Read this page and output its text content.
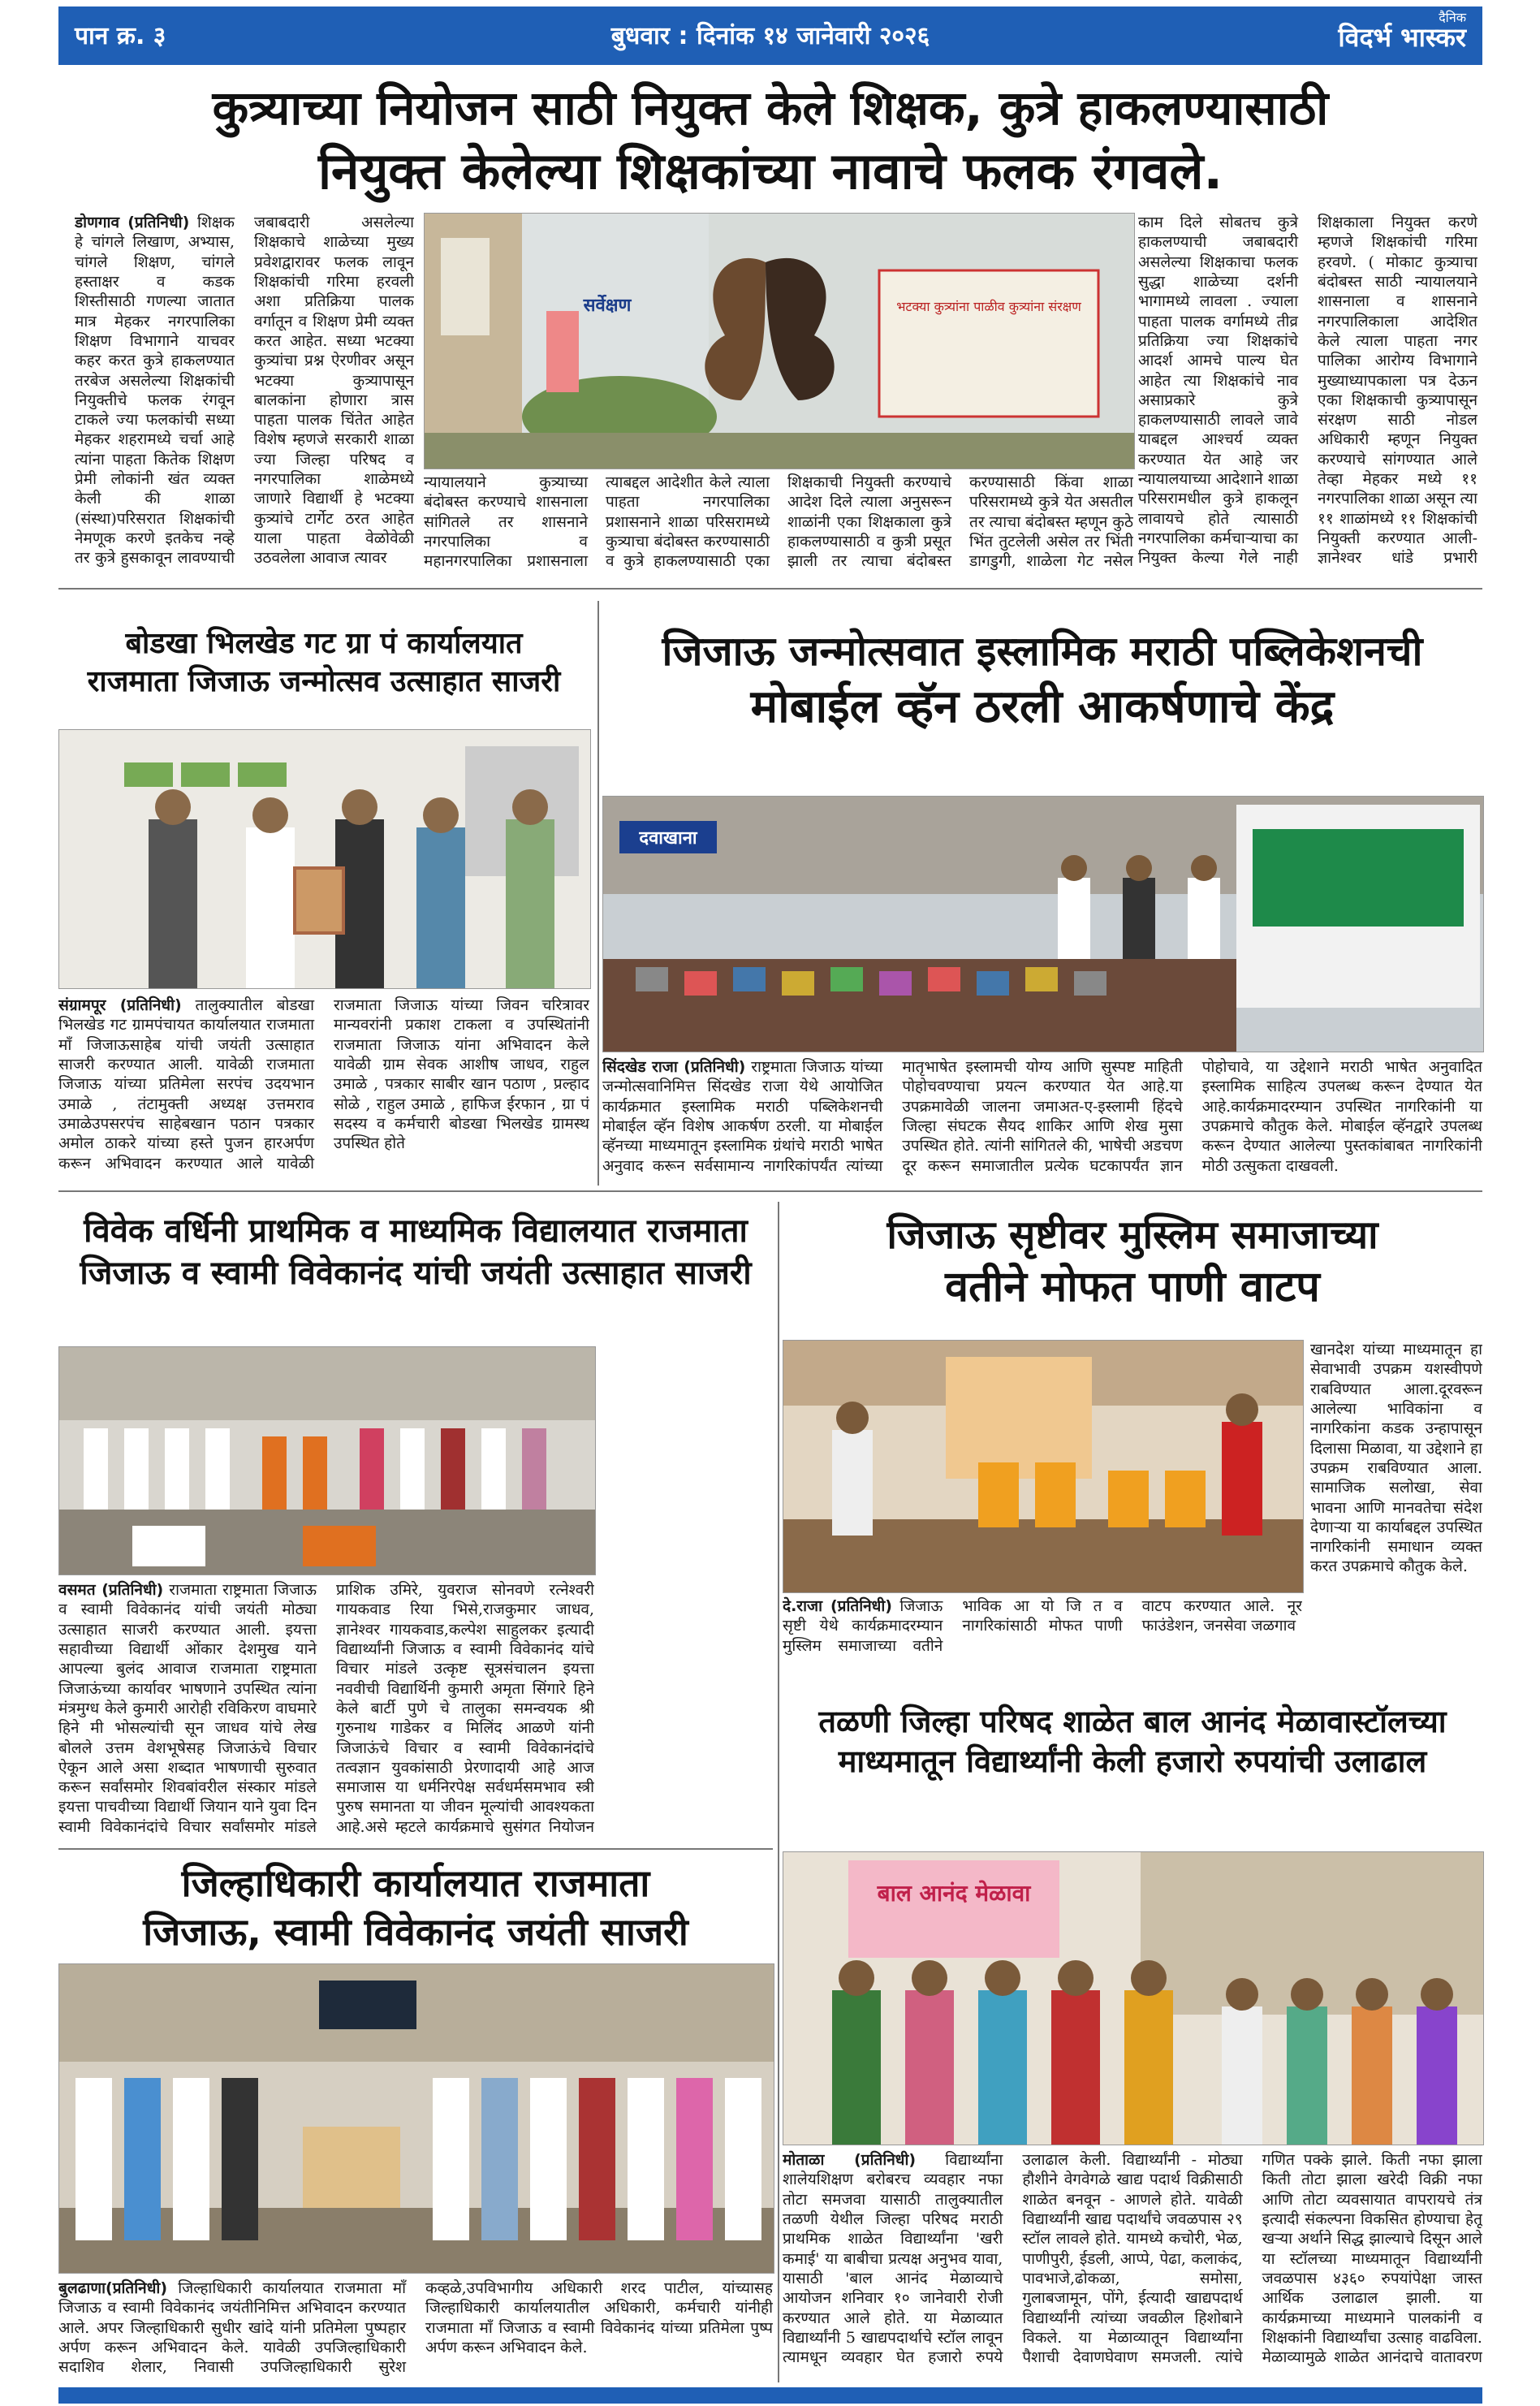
पान क्र. ३	बुधवार : दिनांक १४ जानेवारी २०२६
दैनिक
विदर्भ भास्कर
कुत्र्याच्या नियोजन साठी नियुक्त केले शिक्षक, कुत्रे हाकलण्यासाठी
नियुक्त केलेल्या शिक्षकांच्या नावाचे फलक रंगवले.
डोणगाव (प्रतिनिधी) शिक्षक हे चांगले लिखाण, अभ्यास, चांगले शिक्षण, चांगले हस्ताक्षर व कडक शिस्तीसाठी गणल्या जातात मात्र मेहकर नगरपालिका शिक्षण विभागाने याचवर कहर करत कुत्रे हाकलण्यात तरबेज असलेल्या शिक्षकांची नियुक्तीचे फलक रंगवून टाकले ज्या फलकांची सध्या मेहकर शहरामध्ये चर्चा आहे त्यांना पाहता कितेक शिक्षण प्रेमी लोकांनी खंत व्यक्त केली की शाळा (संस्था)परिसरात शिक्षकांची नेमणूक करणे इतकेच नव्हे तर कुत्रे हुसकावून लावण्याची जबाबदारी असलेल्या शिक्षकाचे शाळेच्या मुख्य प्रवेशद्वारावर फलक लावून शिक्षकांची गरिमा हरवली अशा प्रतिक्रिया पालक वर्गातून व शिक्षण प्रेमी व्यक्त करत आहेत. सध्या भटक्या कुत्र्यांचा प्रश्न ऐरणीवर असून भटक्या कुत्र्यापासून बालकांना होणारा त्रास पाहता पालक चिंतेत आहेत विशेष म्हणजे सरकारी शाळा ज्या जिल्हा परिषद व नगरपालिका शाळेमध्ये जाणारे विद्यार्थी हे भटक्या कुत्र्यांचे टार्गेट ठरत आहेत याला पाहता वेळोवेळी उठवलेला आवाज त्यावर
भटक्या कुत्र्यांना पाळीव कुत्र्यांना संरक्षण
सर्वेक्षण
न्यायालयाने कुत्र्याच्या बंदोबस्त करण्याचे शासनाला सांगितले तर शासनाने नगरपालिका व महानगरपालिका प्रशासनाला त्याबद्दल आदेशीत केले त्याला पाहता नगरपालिका प्रशासनाने शाळा परिसरामध्ये कुत्र्याचा बंदोबस्त करण्यासाठी व कुत्रे हाकलण्यासाठी एका शिक्षकाची नियुक्ती करण्याचे आदेश दिले त्याला अनुसरून शाळांनी एका शिक्षकाला कुत्रे हाकलण्यासाठी व कुत्री प्रसूत झाली तर त्याचा बंदोबस्त करण्यासाठी किंवा शाळा परिसरामध्ये कुत्रे येत असतील तर त्याचा बंदोबस्त म्हणून कुठे भिंत तुटलेली असेल तर भिंती डागडुगी, शाळेला गेट नसेल
काम दिले सोबतच कुत्रे हाकलण्याची जबाबदारी असलेल्या शिक्षकाचा फलक सुद्धा शाळेच्या दर्शनी भागामध्ये लावला . ज्याला पाहता पालक वर्गामध्ये तीव्र प्रतिक्रिया ज्या शिक्षकांचे आदर्श आमचे पाल्य घेत आहेत त्या शिक्षकांचे नाव असाप्रकारे कुत्रे हाकलण्यासाठी लावले जावे याबद्दल आश्चर्य व्यक्त करण्यात येत आहे जर न्यायालयाच्या आदेशाने शाळा परिसरामधील कुत्रे हाकलून लावायचे होते त्यासाठी नगरपालिका कर्मचाऱ्याचा का नियुक्त केल्या गेले नाही शिक्षकाला नियुक्त करणे म्हणजे शिक्षकांची गरिमा हरवणे. ( मोकाट कुत्र्याचा बंदोबस्त साठी न्यायालयाने शासनाला व शासनाने नगरपालिकाला आदेशित केले त्याला पाहता नगर पालिका आरोग्य विभागाने मुख्याध्यापकाला पत्र देऊन एका शिक्षकाची कुत्र्यापासून संरक्षण साठी नोडल अधिकारी म्हणून नियुक्त करण्याचे सांगण्यात आले तेव्हा मेहकर मध्ये ११ नगरपालिका शाळा असून त्या ११ शाळांमध्ये ११ शिक्षकांची नियुक्ती करण्यात आली- ज्ञानेश्वर धांडे प्रभारी
बोडखा भिलखेड गट ग्रा पं कार्यालयात
राजमाता जिजाऊ जन्मोत्सव उत्साहात साजरी
संग्रामपूर (प्रतिनिधी) तालुक्यातील बोडखा भिलखेड गट ग्रामपंचायत कार्यालयात राजमाता माँ जिजाऊसाहेब यांची जयंती उत्साहात साजरी करण्यात आली. यावेळी राजमाता जिजाऊ यांच्या प्रतिमेला सरपंच उदयभान उमाळे , तंटामुक्ती अध्यक्ष उत्तमराव उमाळेउपसरपंच साहेबखान पठान पत्रकार अमोल ठाकरे यांच्या हस्ते पुजन हारअर्पण करून अभिवादन करण्यात आले यावेळी राजमाता जिजाऊ यांच्या जिवन चरित्रावर मान्यवरांनी प्रकाश टाकला व उपस्थितांनी राजमाता जिजाऊ यांना अभिवादन केले यावेळी ग्राम सेवक आशीष जाधव, राहुल उमाळे , पत्रकार साबीर खान पठाण , प्रल्हाद सोळे , राहुल उमाळे , हाफिज ईरफान , ग्रा पं सदस्य व कर्मचारी बोडखा भिलखेड ग्रामस्थ उपस्थित होते
जिजाऊ जन्मोत्सवात इस्लामिक मराठी पब्लिकेशनची
मोबाईल व्हॅन ठरली आकर्षणाचे केंद्र
दवाखाना
सिंदखेड राजा (प्रतिनिधी) राष्ट्रमाता जिजाऊ यांच्या जन्मोत्सवानिमित्त सिंदखेड राजा येथे आयोजित कार्यक्रमात इस्लामिक मराठी पब्लिकेशनची मोबाईल व्हॅन विशेष आकर्षण ठरली. या मोबाईल व्हॅनच्या माध्यमातून इस्लामिक ग्रंथांचे मराठी भाषेत अनुवाद करून सर्वसामान्य नागरिकांपर्यंत त्यांच्या मातृभाषेत इस्लामची योग्य आणि सुस्पष्ट माहिती पोहोचवण्याचा प्रयत्न करण्यात येत आहे.या उपक्रमावेळी जालना जमाअत-ए-इस्लामी हिंदचे जिल्हा संघटक सैयद शाकिर आणि शेख मुसा उपस्थित होते. त्यांनी सांगितले की, भाषेची अडचण दूर करून समाजातील प्रत्येक घटकापर्यंत ज्ञान पोहोचावे, या उद्देशाने मराठी भाषेत अनुवादित इस्लामिक साहित्य उपलब्ध करून देण्यात येत आहे.कार्यक्रमादरम्यान उपस्थित नागरिकांनी या उपक्रमाचे कौतुक केले. मोबाईल व्हॅनद्वारे उपलब्ध करून देण्यात आलेल्या पुस्तकांबाबत नागरिकांनी मोठी उत्सुकता दाखवली.
विवेक वर्धिनी प्राथमिक व माध्यमिक विद्यालयात राजमाता
जिजाऊ व स्वामी विवेकानंद यांची जयंती उत्साहात साजरी
वसमत (प्रतिनिधी) राजमाता राष्ट्रमाता जिजाऊ व स्वामी विवेकानंद यांची जयंती मोठ्या उत्साहात साजरी करण्यात आली. इयत्ता सहावीच्या विद्यार्थी ओंकार देशमुख याने आपल्या बुलंद आवाज राजमाता राष्ट्रमाता जिजाऊंच्या कार्यावर भाषणाने उपस्थित त्यांना मंत्रमुग्ध केले कुमारी आरोही रविकिरण वाघमारे हिने मी भोसल्यांची सून जाधव यांचे लेख बोलले उत्तम वेशभूषेसह जिजाऊंचे विचार ऐकून आले असा शब्दात भाषणाची सुरुवात करून सर्वांसमोर शिवबांवरील संस्कार मांडले इयत्ता पाचवीच्या विद्यार्थी जियान याने युवा दिन स्वामी विवेकानंदांचे विचार सर्वांसमोर मांडले प्राशिक उमिरे, युवराज सोनवणे रत्नेश्वरी गायकवाड रिया भिसे,राजकुमार जाधव, ज्ञानेश्वर गायकवाड,कल्पेश साहुलकर इत्यादी विद्यार्थ्यांनी जिजाऊ व स्वामी विवेकानंद यांचे विचार मांडले उत्कृष्ट सूत्रसंचालन इयत्ता नववीची विद्यार्थिनी कुमारी अमृता सिंगारे हिने केले बार्टी पुणे चे तालुका समन्वयक श्री गुरुनाथ गाडेकर व मिलिंद आळणे यांनी जिजाऊंचे विचार व स्वामी विवेकानंदांचे तत्वज्ञान युवकांसाठी प्रेरणादायी आहे आज समाजास या धर्मनिरपेक्ष सर्वधर्मसमभाव स्त्री पुरुष समानता या जीवन मूल्यांची आवश्यकता आहे.असे म्हटले कार्यक्रमाचे सुसंगत नियोजन
जिजाऊ सृष्टीवर मुस्लिम समाजाच्या
वतीने मोफत पाणी वाटप
खानदेश यांच्या माध्यमातून हा सेवाभावी उपक्रम यशस्वीपणे राबविण्यात आला.दूरवरून आलेल्या भाविकांना व नागरिकांना कडक उन्हापासून दिलासा मिळावा, या उद्देशाने हा उपक्रम राबविण्यात आला. सामाजिक सलोखा, सेवा भावना आणि मानवतेचा संदेश देणाऱ्या या कार्याबद्दल उपस्थित नागरिकांनी समाधान व्यक्त करत उपक्रमाचे कौतुक केले.
दे.राजा (प्रतिनिधी) जिजाऊ सृष्टी येथे कार्यक्रमादरम्यान मुस्लिम समाजाच्या वतीने भाविक आ यो जि त व नागरिकांसाठी मोफत पाणी वाटप करण्यात आले. नूर फाउंडेशन, जनसेवा जळगाव
तळणी जिल्हा परिषद शाळेत बाल आनंद मेळावास्टॉलच्या
माध्यमातून विद्यार्थ्यांनी केली हजारो रुपयांची उलाढाल
बाल आनंद मेळावा
मोताळा (प्रतिनिधी) विद्यार्थ्यांना शालेयशिक्षण बरोबरच व्यवहार नफा तोटा समजवा यासाठी तालुक्यातील तळणी येथील जिल्हा परिषद मराठी प्राथमिक शाळेत विद्यार्थ्यांना 'खरी कमाई' या बाबीचा प्रत्यक्ष अनुभव यावा, यासाठी 'बाल आनंद मेळाव्याचे आयोजन शनिवार १० जानेवारी रोजी करण्यात आले होते. या मेळाव्यात विद्यार्थ्यांनी 5 खाद्यपदार्थाचे स्टॉल लावून त्यामधून व्यवहार घेत हजारो रुपये उलाढाल केली. विद्यार्थ्यांनी - मोठ्या हौशीने वेगवेगळे खाद्य पदार्थ विक्रीसाठी शाळेत बनवून - आणले होते. यावेळी विद्यार्थ्यांनी खाद्य पदार्थांचे जवळपास २९ स्टॉल लावले होते. यामध्ये कचोरी, भेळ, पाणीपुरी, ईडली, आप्पे, पेढा, कलाकंद, पावभाजे,ढोकळा, समोसा, गुलाबजामून, पोंगे, ईत्यादी खाद्यपदार्थ विद्यार्थ्यांनी त्यांच्या जवळील हिशोबाने विकले. या मेळाव्यातून विद्यार्थ्यांना पैशाची देवाणघेवाण समजली. त्यांचे गणित पक्के झाले. किती नफा झाला किती तोटा झाला खरेदी विक्री नफा आणि तोटा व्यवसायात वापरायचे तंत्र इत्यादी संकल्पना विकसित होण्याचा हेतू खऱ्या अर्थाने सिद्ध झाल्याचे दिसून आले या स्टॉलच्या माध्यमातून विद्यार्थ्यांनी जवळपास ४३६० रुपयांपेक्षा जास्त आर्थिक उलाढाल झाली. या कार्यक्रमाच्या माध्यमाने पालकांनी व शिक्षकांनी विद्यार्थ्यांचा उत्साह वाढविला. मेळाव्यामुळे शाळेत आनंदाचे वातावरण
जिल्हाधिकारी कार्यालयात राजमाता
जिजाऊ, स्वामी विवेकानंद जयंती साजरी
बुलढाणा(प्रतिनिधी) जिल्हाधिकारी कार्यालयात राजमाता माँ जिजाऊ व स्वामी विवेकानंद जयंतीनिमित्त अभिवादन करण्यात आले. अपर जिल्हाधिकारी सुधीर खांदे यांनी प्रतिमेला पुष्पहार अर्पण करून अभिवादन केले. यावेळी उपजिल्हाधिकारी सदाशिव शेलार, निवासी उपजिल्हाधिकारी सुरेश कव्हळे,उपविभागीय अधिकारी शरद पाटील, यांच्यासह जिल्हाधिकारी कार्यालयातील अधिकारी, कर्मचारी यांनीही राजमाता माँ जिजाऊ व स्वामी विवेकानंद यांच्या प्रतिमेला पुष्प अर्पण करून अभिवादन केले.
